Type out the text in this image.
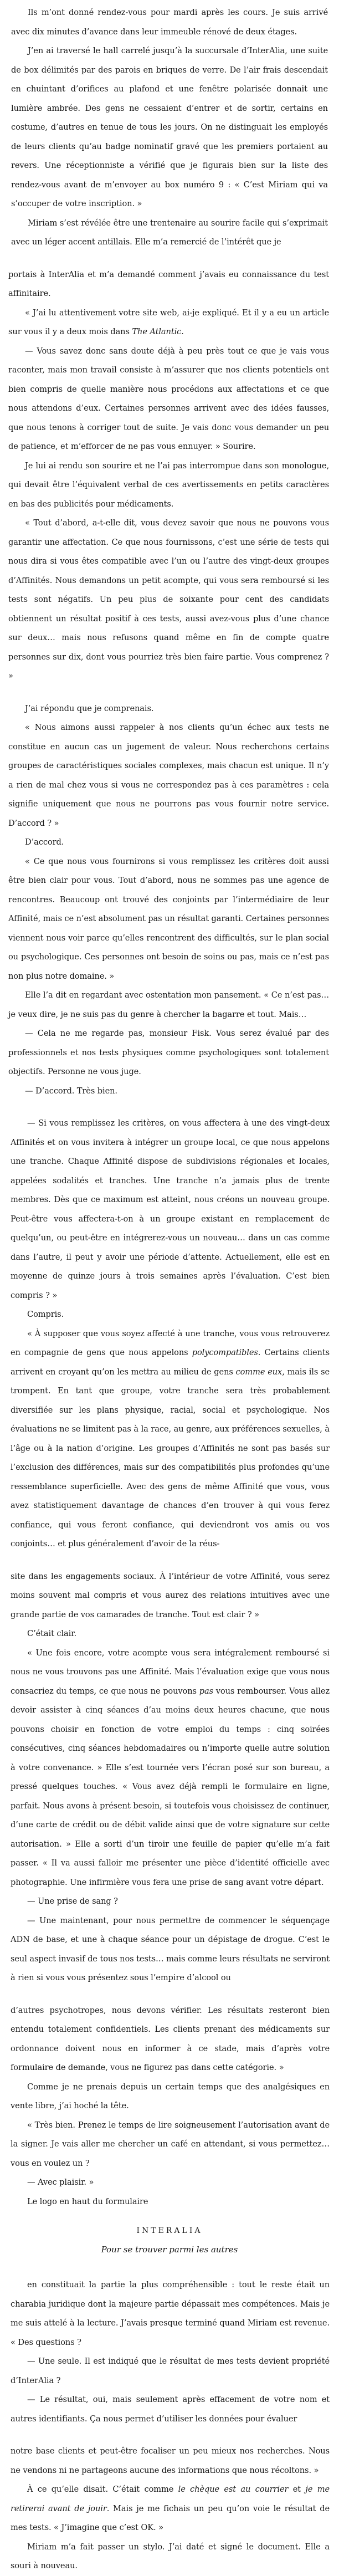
Ils m’ont donné rendez-vous pour mardi après les cours. Je suis arrivé avec dix minutes d’avance dans leur immeuble rénové de deux étages.

J’en ai traversé le hall carrelé jusqu’à la succursale d’InterAlia, une suite de box délimités par des parois en briques de verre. De l’air frais descendait en chuintant d’orifices au plafond et une fenêtre polarisée donnait une lumière ambrée. Des gens ne cessaient d’entrer et de sortir, certains en costume, d’autres en tenue de tous les jours. On ne distinguait les employés de leurs clients qu’au badge nominatif gravé que les premiers portaient au revers. Une réceptionniste a vérifié que je figurais bien sur la liste des rendez-vous avant de m’envoyer au box numéro 9 : « C’est Miriam qui va s’occuper de votre inscription. »

Miriam s’est révélée être une trentenaire au sourire facile qui s’exprimait avec un léger accent antillais. Elle m’a remercié de l’intérêt que je

portais à InterAlia et m’a demandé comment j’avais eu connaissance du test affinitaire.

« J’ai lu attentivement votre site web, ai-je expliqué. Et il y a eu un article sur vous il y a deux mois dans The Atlantic.

— Vous savez donc sans doute déjà à peu près tout ce que je vais vous raconter, mais mon travail consiste à m’assurer que nos clients potentiels ont bien compris de quelle manière nous procédons aux affectations et ce que nous attendons d’eux. Certaines personnes arrivent avec des idées fausses, que nous tenons à corriger tout de suite. Je vais donc vous demander un peu de patience, et m’efforcer de ne pas vous ennuyer. » Sourire.

Je lui ai rendu son sourire et ne l’ai pas interrompue dans son monologue, qui devait être l’équivalent verbal de ces avertissements en petits caractères en bas des publicités pour médicaments.

« Tout d’abord, a-t-elle dit, vous devez savoir que nous ne pouvons vous garantir une affectation. Ce que nous fournissons, c’est une série de tests qui nous dira si vous êtes compatible avec l’un ou l’autre des vingt-deux groupes d’Affinités. Nous demandons un petit acompte, qui vous sera remboursé si les tests sont négatifs. Un peu plus de soixante pour cent des candidats obtiennent un résultat positif à ces tests, aussi avez-vous plus d’une chance sur deux… mais nous refusons quand même en fin de compte quatre personnes sur dix, dont vous pourriez très bien faire partie. Vous comprenez ? »

J’ai répondu que je comprenais.

« Nous aimons aussi rappeler à nos clients qu’un échec aux tests ne constitue en aucun cas un jugement de valeur. Nous recherchons certains groupes de caractéristiques sociales complexes, mais chacun est unique. Il n’y a rien de mal chez vous si vous ne correspondez pas à ces paramètres : cela signifie uniquement que nous ne pourrons pas vous fournir notre service. D’accord ? »

D’accord.

« Ce que nous vous fournirons si vous remplissez les critères doit aussi être bien clair pour vous. Tout d’abord, nous ne sommes pas une agence de rencontres. Beaucoup ont trouvé des conjoints par l’intermédiaire de leur Affinité, mais ce n’est absolument pas un résultat garanti. Certaines personnes viennent nous voir parce qu’elles rencontrent des difficultés, sur le plan social ou psychologique. Ces personnes ont besoin de soins ou pas, mais ce n’est pas non plus notre domaine. »

Elle l’a dit en regardant avec ostentation mon pansement. « Ce n’est pas… je veux dire, je ne suis pas du genre à chercher la bagarre et tout. Mais…

— Cela ne me regarde pas, monsieur Fisk. Vous serez évalué par des professionnels et nos tests physiques comme psychologiques sont totalement objectifs. Personne ne vous juge.

— D’accord. Très bien.

— Si vous remplissez les critères, on vous affectera à une des vingt-deux Affinités et on vous invitera à intégrer un groupe local, ce que nous appelons une tranche. Chaque Affinité dispose de subdivisions régionales et locales, appelées sodalités et tranches. Une tranche n’a jamais plus de trente membres. Dès que ce maximum est atteint, nous créons un nouveau groupe. Peut-être vous affectera-t-on à un groupe existant en remplacement de quelqu’un, ou peut-être en intégrerez-vous un nouveau… dans un cas comme dans l’autre, il peut y avoir une période d’attente. Actuellement, elle est en moyenne de quinze jours à trois semaines après l’évaluation. C’est bien compris ? »

Compris.

« À supposer que vous soyez affecté à une tranche, vous vous retrouverez en compagnie de gens que nous appelons polycompatibles. Certains clients arrivent en croyant qu’on les mettra au milieu de gens comme eux, mais ils se trompent. En tant que groupe, votre tranche sera très probablement diversifiée sur les plans physique, racial, social et psychologique. Nos évaluations ne se limitent pas à la race, au genre, aux préférences sexuelles, à l’âge ou à la nation d’origine. Les groupes d’Affinités ne sont pas basés sur l’exclusion des différences, mais sur des compatibilités plus profondes qu’une ressemblance superficielle. Avec des gens de même Affinité que vous, vous avez statistiquement davantage de chances d’en trouver à qui vous ferez confiance, qui vous feront confiance, qui deviendront vos amis ou vos conjoints… et plus généralement d’avoir de la réus-

site dans les engagements sociaux. À l’intérieur de votre Affinité, vous serez moins souvent mal compris et vous aurez des relations intuitives avec une grande partie de vos camarades de tranche. Tout est clair ? »

C’était clair.

« Une fois encore, votre acompte vous sera intégralement remboursé si nous ne vous trouvons pas une Affinité. Mais l’évaluation exige que vous nous consacriez du temps, ce que nous ne pouvons pas vous rembourser. Vous allez devoir assister à cinq séances d’au moins deux heures chacune, que nous pouvons choisir en fonction de votre emploi du temps : cinq soirées consécutives, cinq séances hebdomadaires ou n’importe quelle autre solution à votre convenance. » Elle s’est tournée vers l’écran posé sur son bureau, a pressé quelques touches. « Vous avez déjà rempli le formulaire en ligne, parfait. Nous avons à présent besoin, si toutefois vous choisissez de continuer, d’une carte de crédit ou de débit valide ainsi que de votre signature sur cette autorisation. » Elle a sorti d’un tiroir une feuille de papier qu’elle m’a fait passer. « Il va aussi falloir me présenter une pièce d’identité officielle avec photographie. Une infirmière vous fera une prise de sang avant votre départ.

— Une prise de sang ?

— Une maintenant, pour nous permettre de commencer le séquençage ADN de base, et une à chaque séance pour un dépistage de drogue. C’est le seul aspect invasif de tous nos tests… mais comme leurs résultats ne serviront à rien si vous vous présentez sous l’empire d’alcool ou

d’autres psychotropes, nous devons vérifier. Les résultats resteront bien entendu totalement confidentiels. Les clients prenant des médicaments sur ordonnance doivent nous en informer à ce stade, mais d’après votre formulaire de demande, vous ne figurez pas dans cette catégorie. »

Comme je ne prenais depuis un certain temps que des analgésiques en vente libre, j’ai hoché la tête.

« Très bien. Prenez le temps de lire soigneusement l’autorisation avant de la signer. Je vais aller me chercher un café en attendant, si vous permettez… vous en voulez un ?

— Avec plaisir. »

Le logo en haut du formulaire

INTERALIA
Pour se trouver parmi les autres

en constituait la partie la plus compréhensible : tout le reste était un charabia juridique dont la majeure partie dépassait mes compétences. Mais je me suis attelé à la lecture. J’avais presque terminé quand Miriam est revenue. « Des questions ?

— Une seule. Il est indiqué que le résultat de mes tests devient propriété d’InterAlia ?

— Le résultat, oui, mais seulement après effacement de votre nom et autres identifiants. Ça nous permet d’utiliser les données pour évaluer

notre base clients et peut-être focaliser un peu mieux nos recherches. Nous ne vendons ni ne partageons aucune des informations que nous récoltons. »

À ce qu’elle disait. C’était comme le chèque est au courrier et je me retirerai avant de jouir. Mais je me fichais un peu qu’on voie le résultat de mes tests. « J’imagine que c’est OK. »

Miriam m’a fait passer un stylo. J’ai daté et signé le document. Elle a souri à nouveau.
